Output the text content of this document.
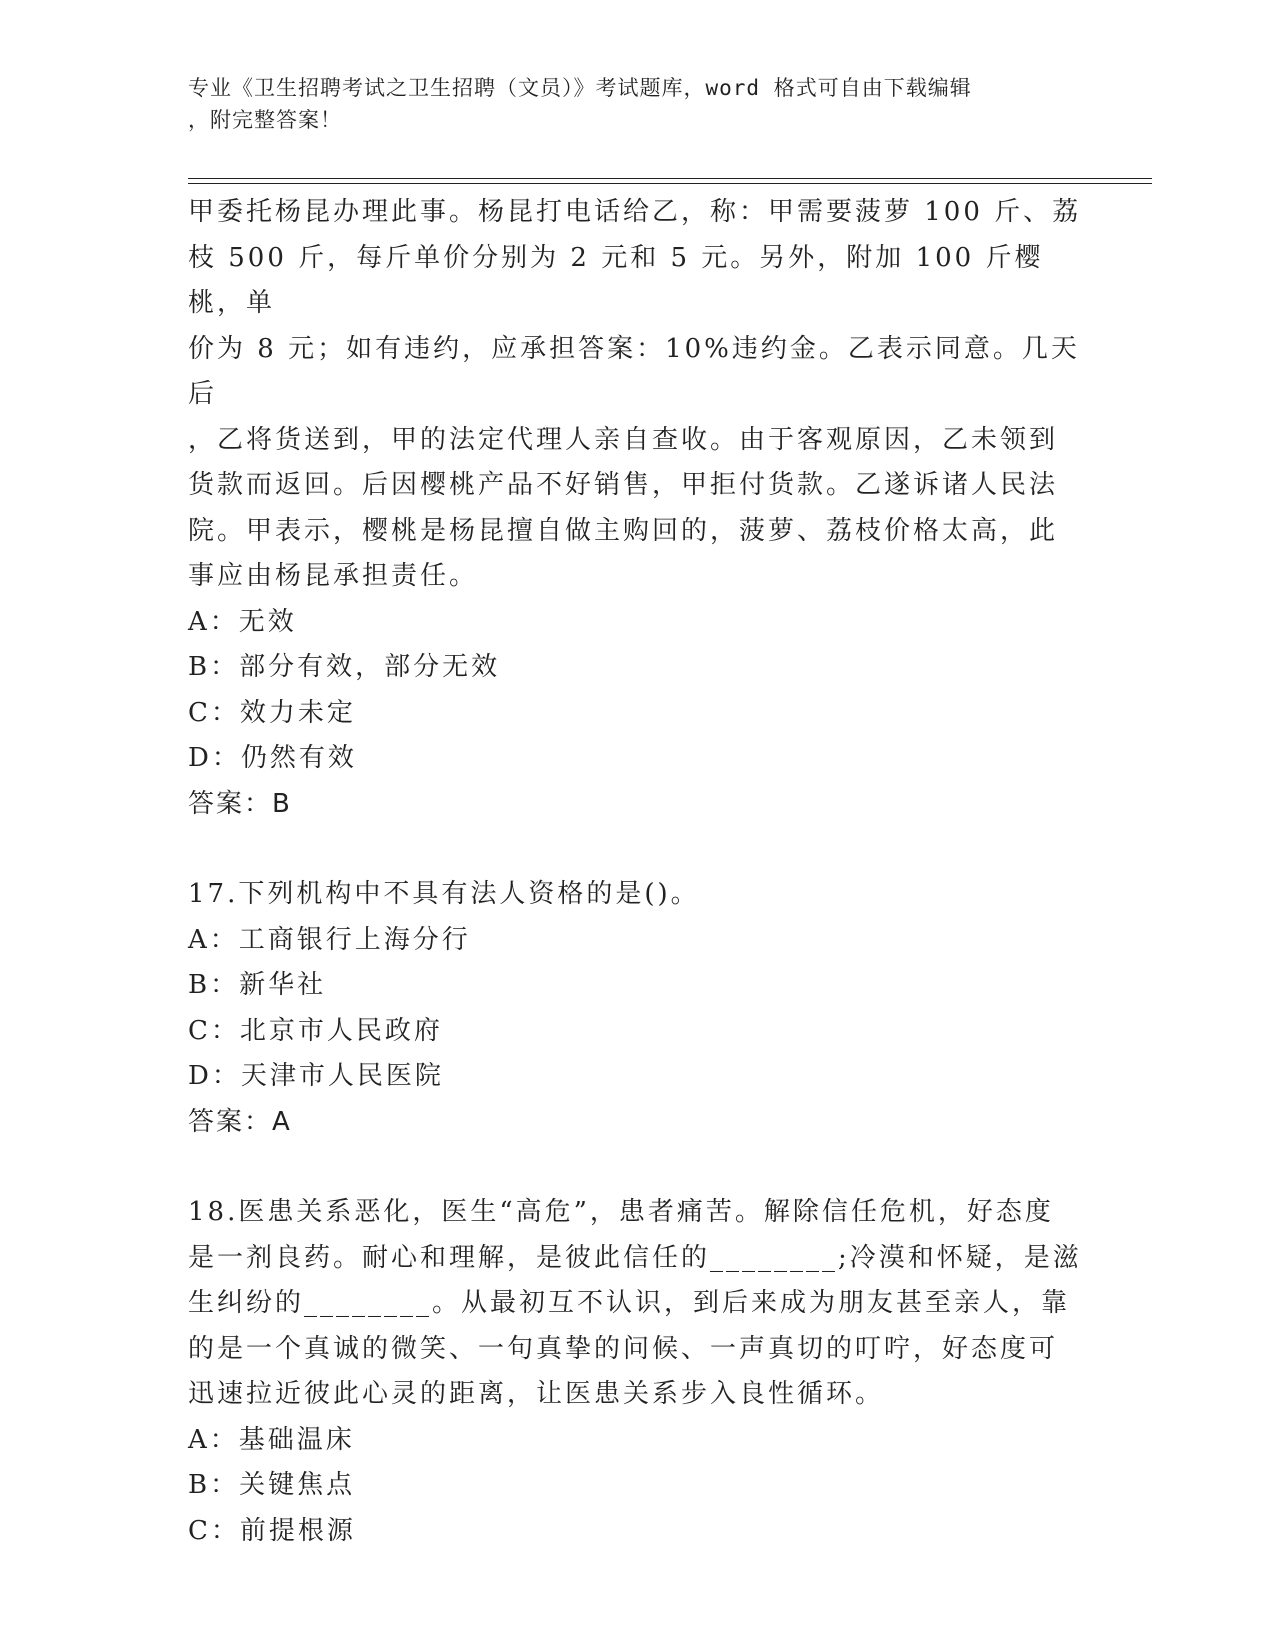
专业《卫生招聘考试之卫生招聘（文员）》考试题库，word 格式可自由下载编辑
，附完整答案！

甲委托杨昆办理此事。杨昆打电话给乙，称：甲需要菠萝 100 斤、荔

枝 500 斤，每斤单价分别为 2 元和 5 元。另外，附加 100 斤樱桃，单

价为 8 元；如有违约，应承担答案：10%违约金。乙表示同意。几天后

，乙将货送到，甲的法定代理人亲自查收。由于客观原因，乙未领到

货款而返回。后因樱桃产品不好销售，甲拒付货款。乙遂诉诸人民法

院。甲表示，樱桃是杨昆擅自做主购回的，菠萝、荔枝价格太高，此

事应由杨昆承担责任。

A：无效

B：部分有效，部分无效

C：效力未定

D：仍然有效

答案：B

17.下列机构中不具有法人资格的是()。

A：工商银行上海分行

B：新华社

C：北京市人民政府

D：天津市人民医院

答案：A

18.医患关系恶化，医生“高危”，患者痛苦。解除信任危机，好态度

是一剂良药。耐心和理解，是彼此信任的________;冷漠和怀疑，是滋

生纠纷的________。从最初互不认识，到后来成为朋友甚至亲人，靠

的是一个真诚的微笑、一句真挚的问候、一声真切的叮咛，好态度可

迅速拉近彼此心灵的距离，让医患关系步入良性循环。

A：基础温床

B：关键焦点

C：前提根源
